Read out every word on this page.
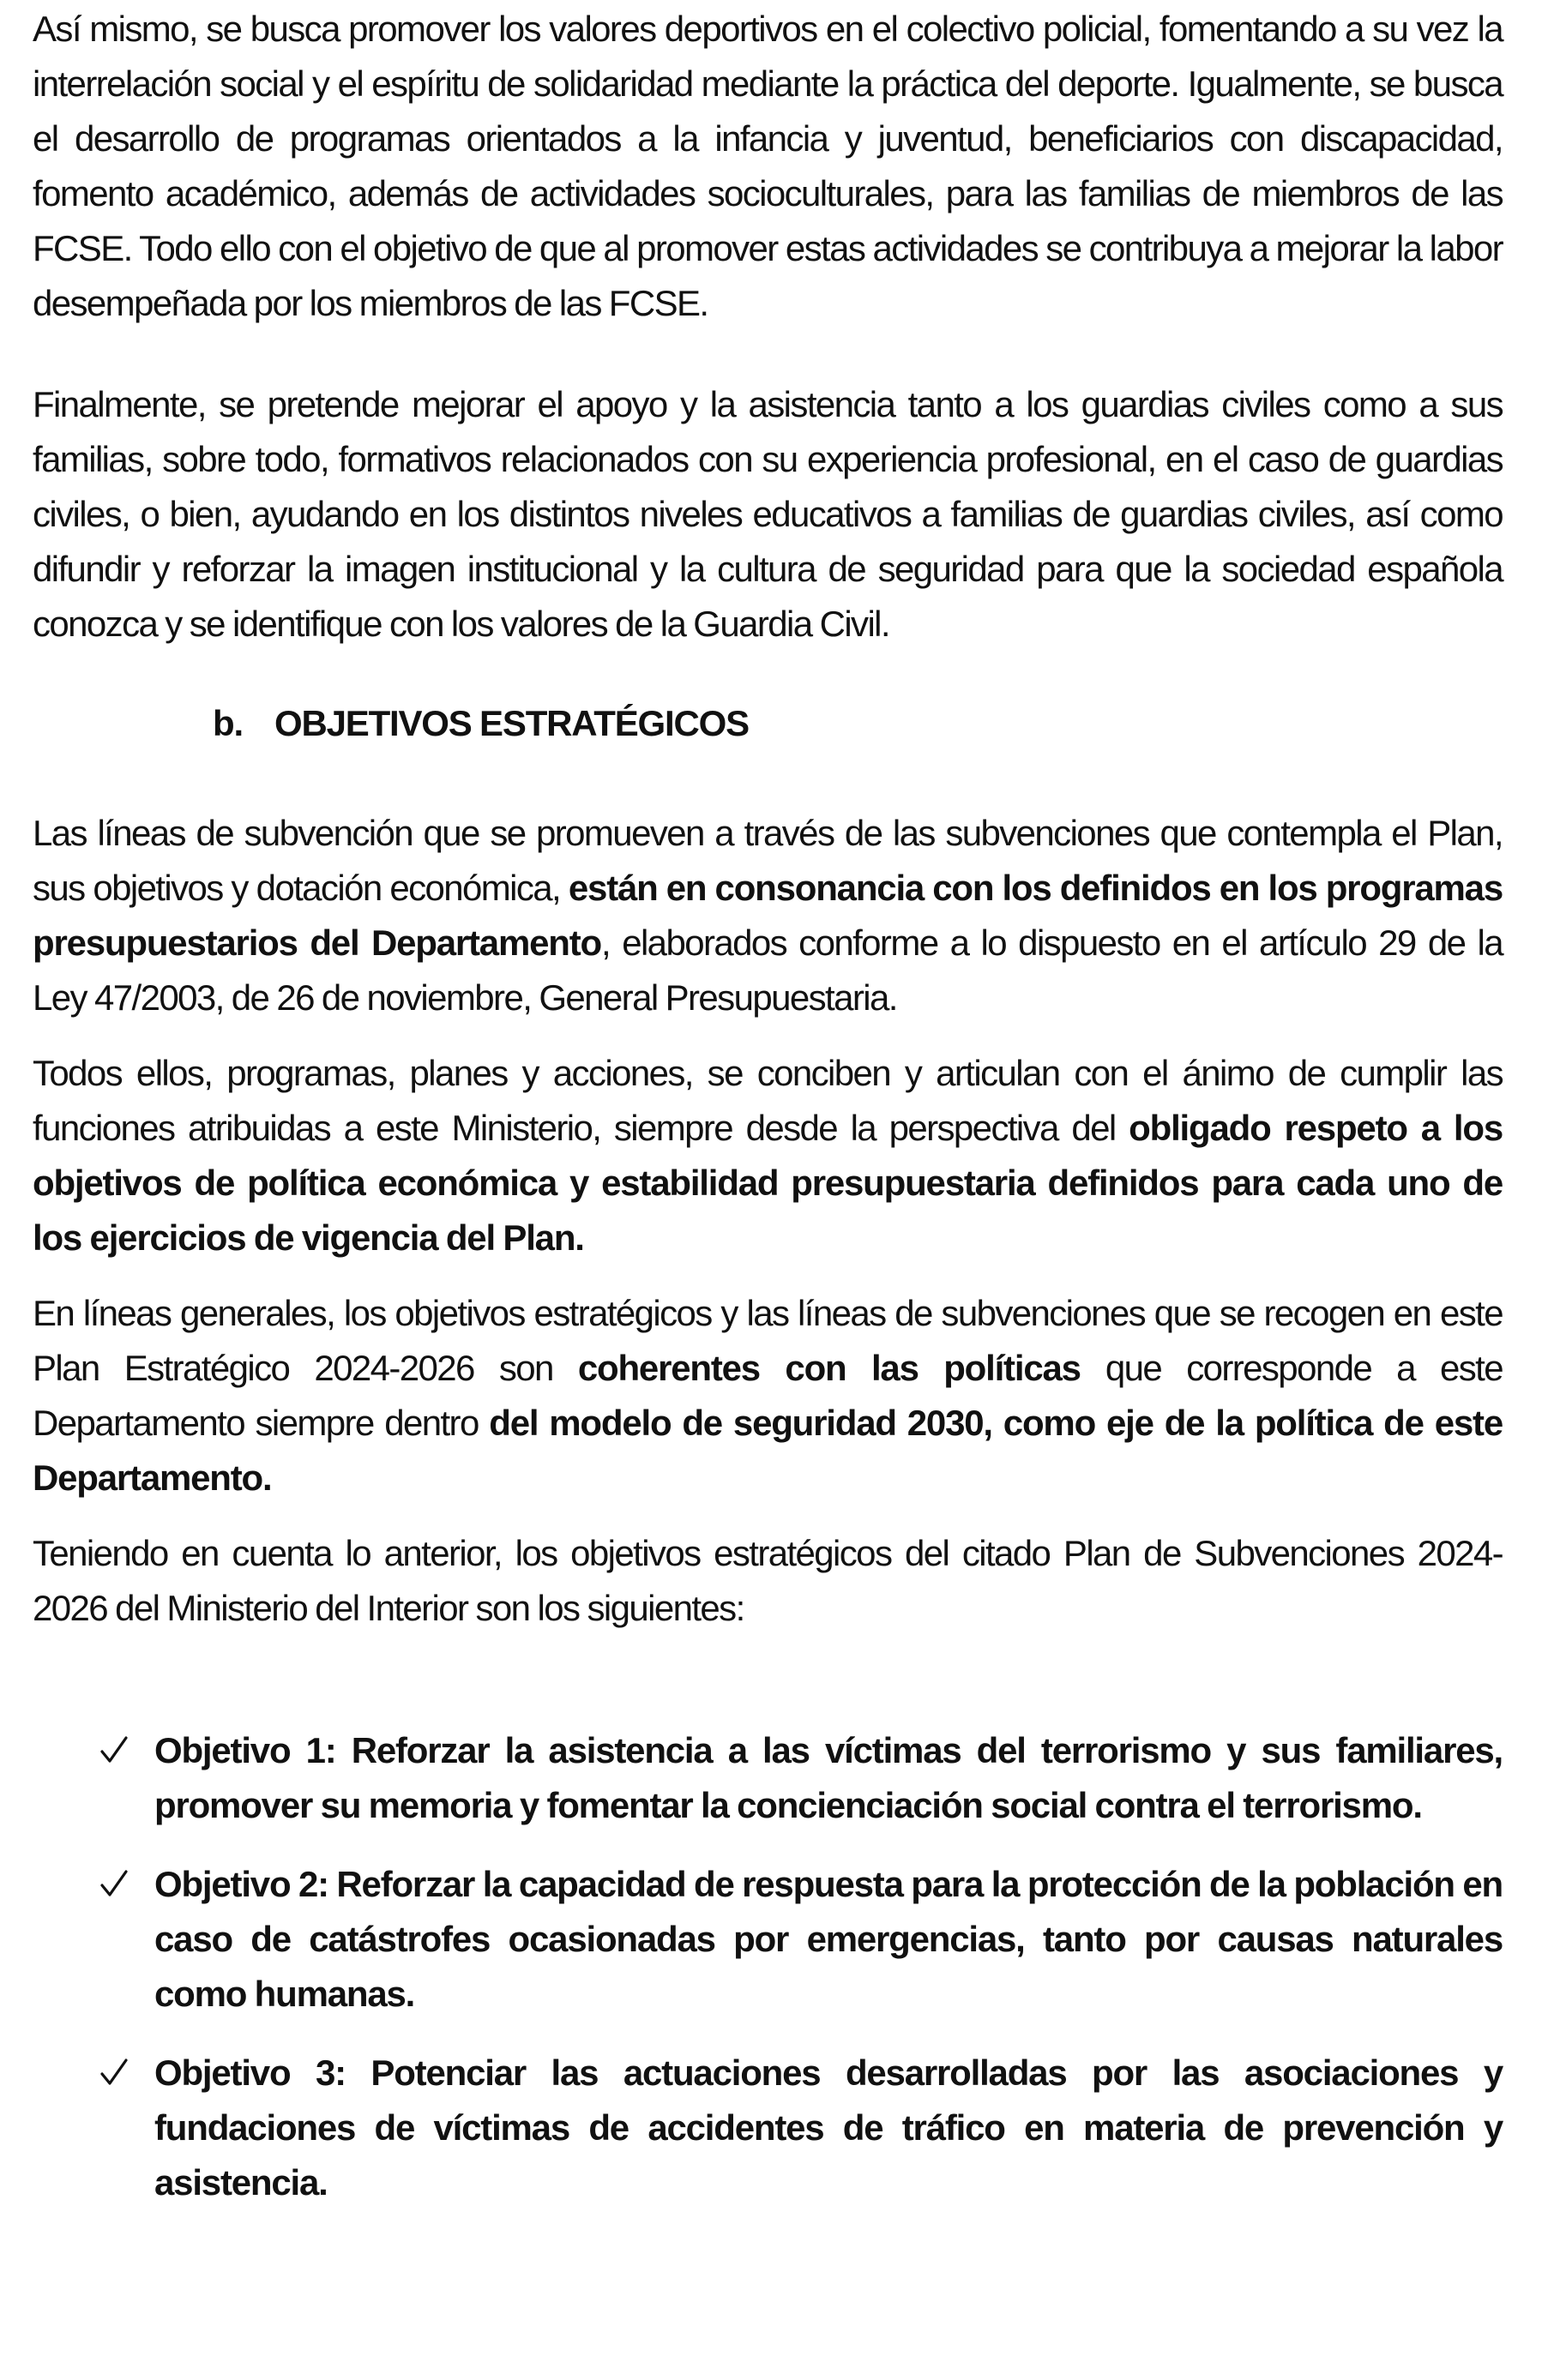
Así mismo, se busca promover los valores deportivos en el colectivo policial, fomentando a su vez la interrelación social y el espíritu de solidaridad mediante la práctica del deporte. Igualmente, se busca el desarrollo de programas orientados a la infancia y juventud, beneficiarios con discapacidad, fomento académico, además de actividades socioculturales, para las familias de miembros de las FCSE. Todo ello con el objetivo de que al promover estas actividades se contribuya a mejorar la labor desempeñada por los miembros de las FCSE.

Finalmente, se pretende mejorar el apoyo y la asistencia tanto a los guardias civiles como a sus familias, sobre todo, formativos relacionados con su experiencia profesional, en el caso de guardias civiles, o bien, ayudando en los distintos niveles educativos a familias de guardias civiles, así como difundir y reforzar la imagen institucional y la cultura de seguridad para que la sociedad española conozca y se identifique con los valores de la Guardia Civil.

b. OBJETIVOS ESTRATÉGICOS

Las líneas de subvención que se promueven a través de las subvenciones que contempla el Plan, sus objetivos y dotación económica, están en consonancia con los definidos en los programas presupuestarios del Departamento, elaborados conforme a lo dispuesto en el artículo 29 de la Ley 47/2003, de 26 de noviembre, General Presupuestaria.

Todos ellos, programas, planes y acciones, se conciben y articulan con el ánimo de cumplir las funciones atribuidas a este Ministerio, siempre desde la perspectiva del obligado respeto a los objetivos de política económica y estabilidad presupuestaria definidos para cada uno de los ejercicios de vigencia del Plan.

En líneas generales, los objetivos estratégicos y las líneas de subvenciones que se recogen en este Plan Estratégico 2024-2026 son coherentes con las políticas que corresponde a este Departamento siempre dentro del modelo de seguridad 2030, como eje de la política de este Departamento.

Teniendo en cuenta lo anterior, los objetivos estratégicos del citado Plan de Subvenciones 2024-2026 del Ministerio del Interior son los siguientes:

Objetivo 1: Reforzar la asistencia a las víctimas del terrorismo y sus familiares, promover su memoria y fomentar la concienciación social contra el terrorismo.
Objetivo 2: Reforzar la capacidad de respuesta para la protección de la población en caso de catástrofes ocasionadas por emergencias, tanto por causas naturales como humanas.
Objetivo 3: Potenciar las actuaciones desarrolladas por las asociaciones y fundaciones de víctimas de accidentes de tráfico en materia de prevención y asistencia.
